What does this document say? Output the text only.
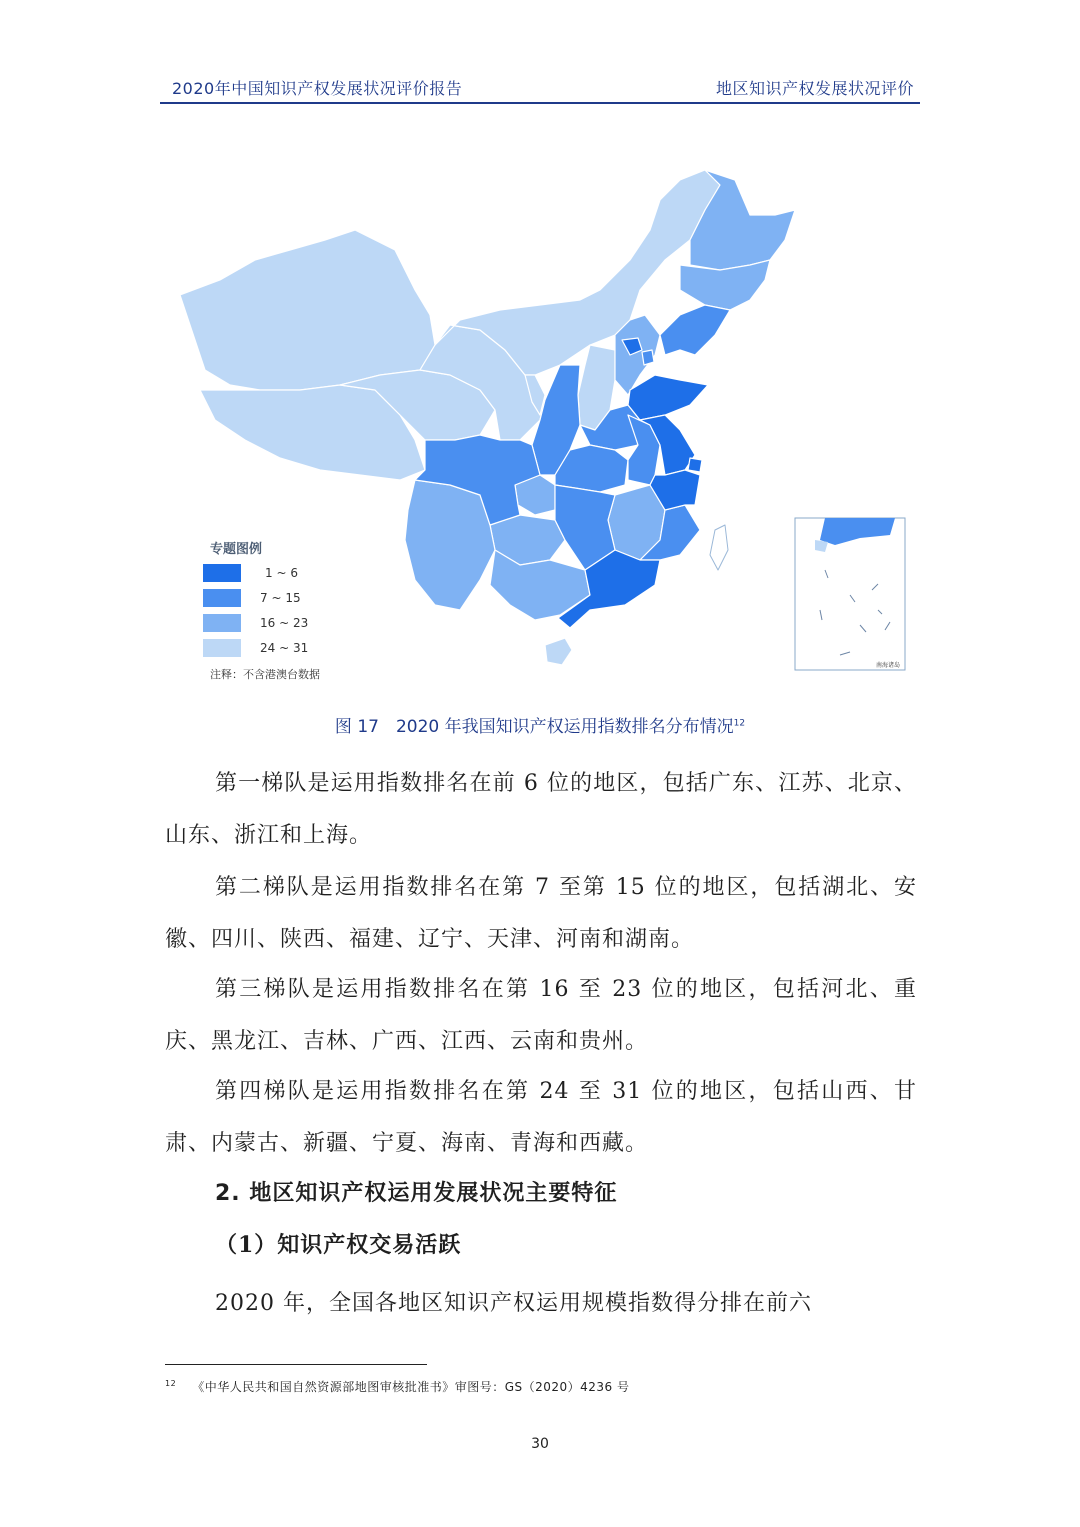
2020年中国知识产权发展状况评价报告	地区知识产权发展状况评价
南海诸岛
专题图例
1 ~ 6
7 ~ 15
16 ~ 23
24 ~ 31
注释：不含港澳台数据
图 17　2020 年我国知识产权运用指数排名分布情况$^{12}$

第一梯队是运用指数排名在前 6 位的地区，包括广东、江苏、北京、山东、浙江和上海。

第二梯队是运用指数排名在第 7 至第 15 位的地区，包括湖北、安徽、四川、陕西、福建、辽宁、天津、河南和湖南。

第三梯队是运用指数排名在第 16 至 23 位的地区，包括河北、重庆、黑龙江、吉林、广西、江西、云南和贵州。

第四梯队是运用指数排名在第 24 至 31 位的地区，包括山西、甘肃、内蒙古、新疆、宁夏、海南、青海和西藏。

2. 地区知识产权运用发展状况主要特征
（1）知识产权交易活跃

2020 年，全国各地区知识产权运用规模指数得分排在前六

$^{12}$ 《中华人民共和国自然资源部地图审核批准书》审图号：GS（2020）4236 号
30
